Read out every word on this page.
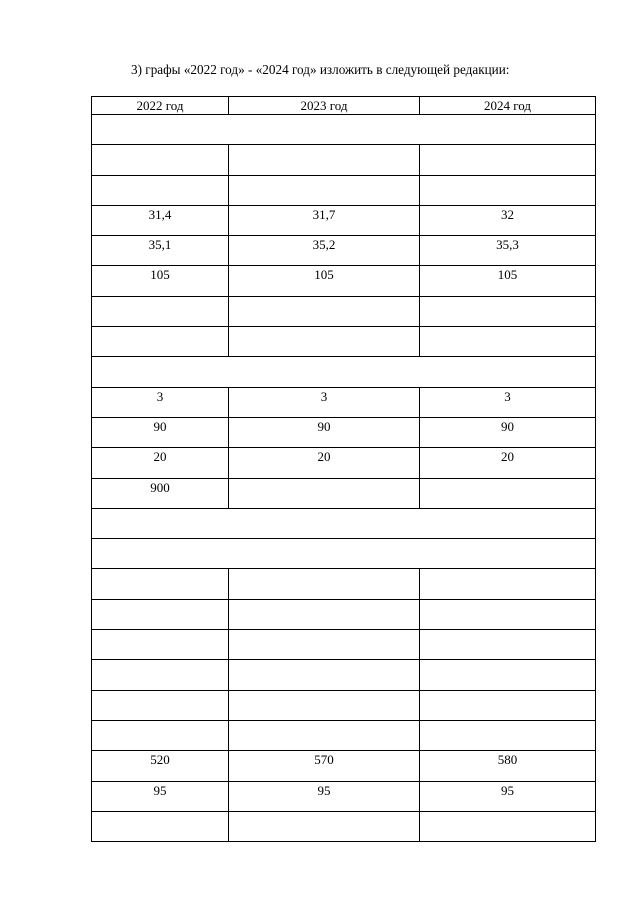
3) графы «2022 год» - «2024 год» изложить в следующей редакции:
2022 год	2023 год	2024 год

31,4	31,7	32
35,1	35,2	35,3
105	105	105

3	3	3
90	90	90
20	20	20
900		

520	570	580
95	95	95
